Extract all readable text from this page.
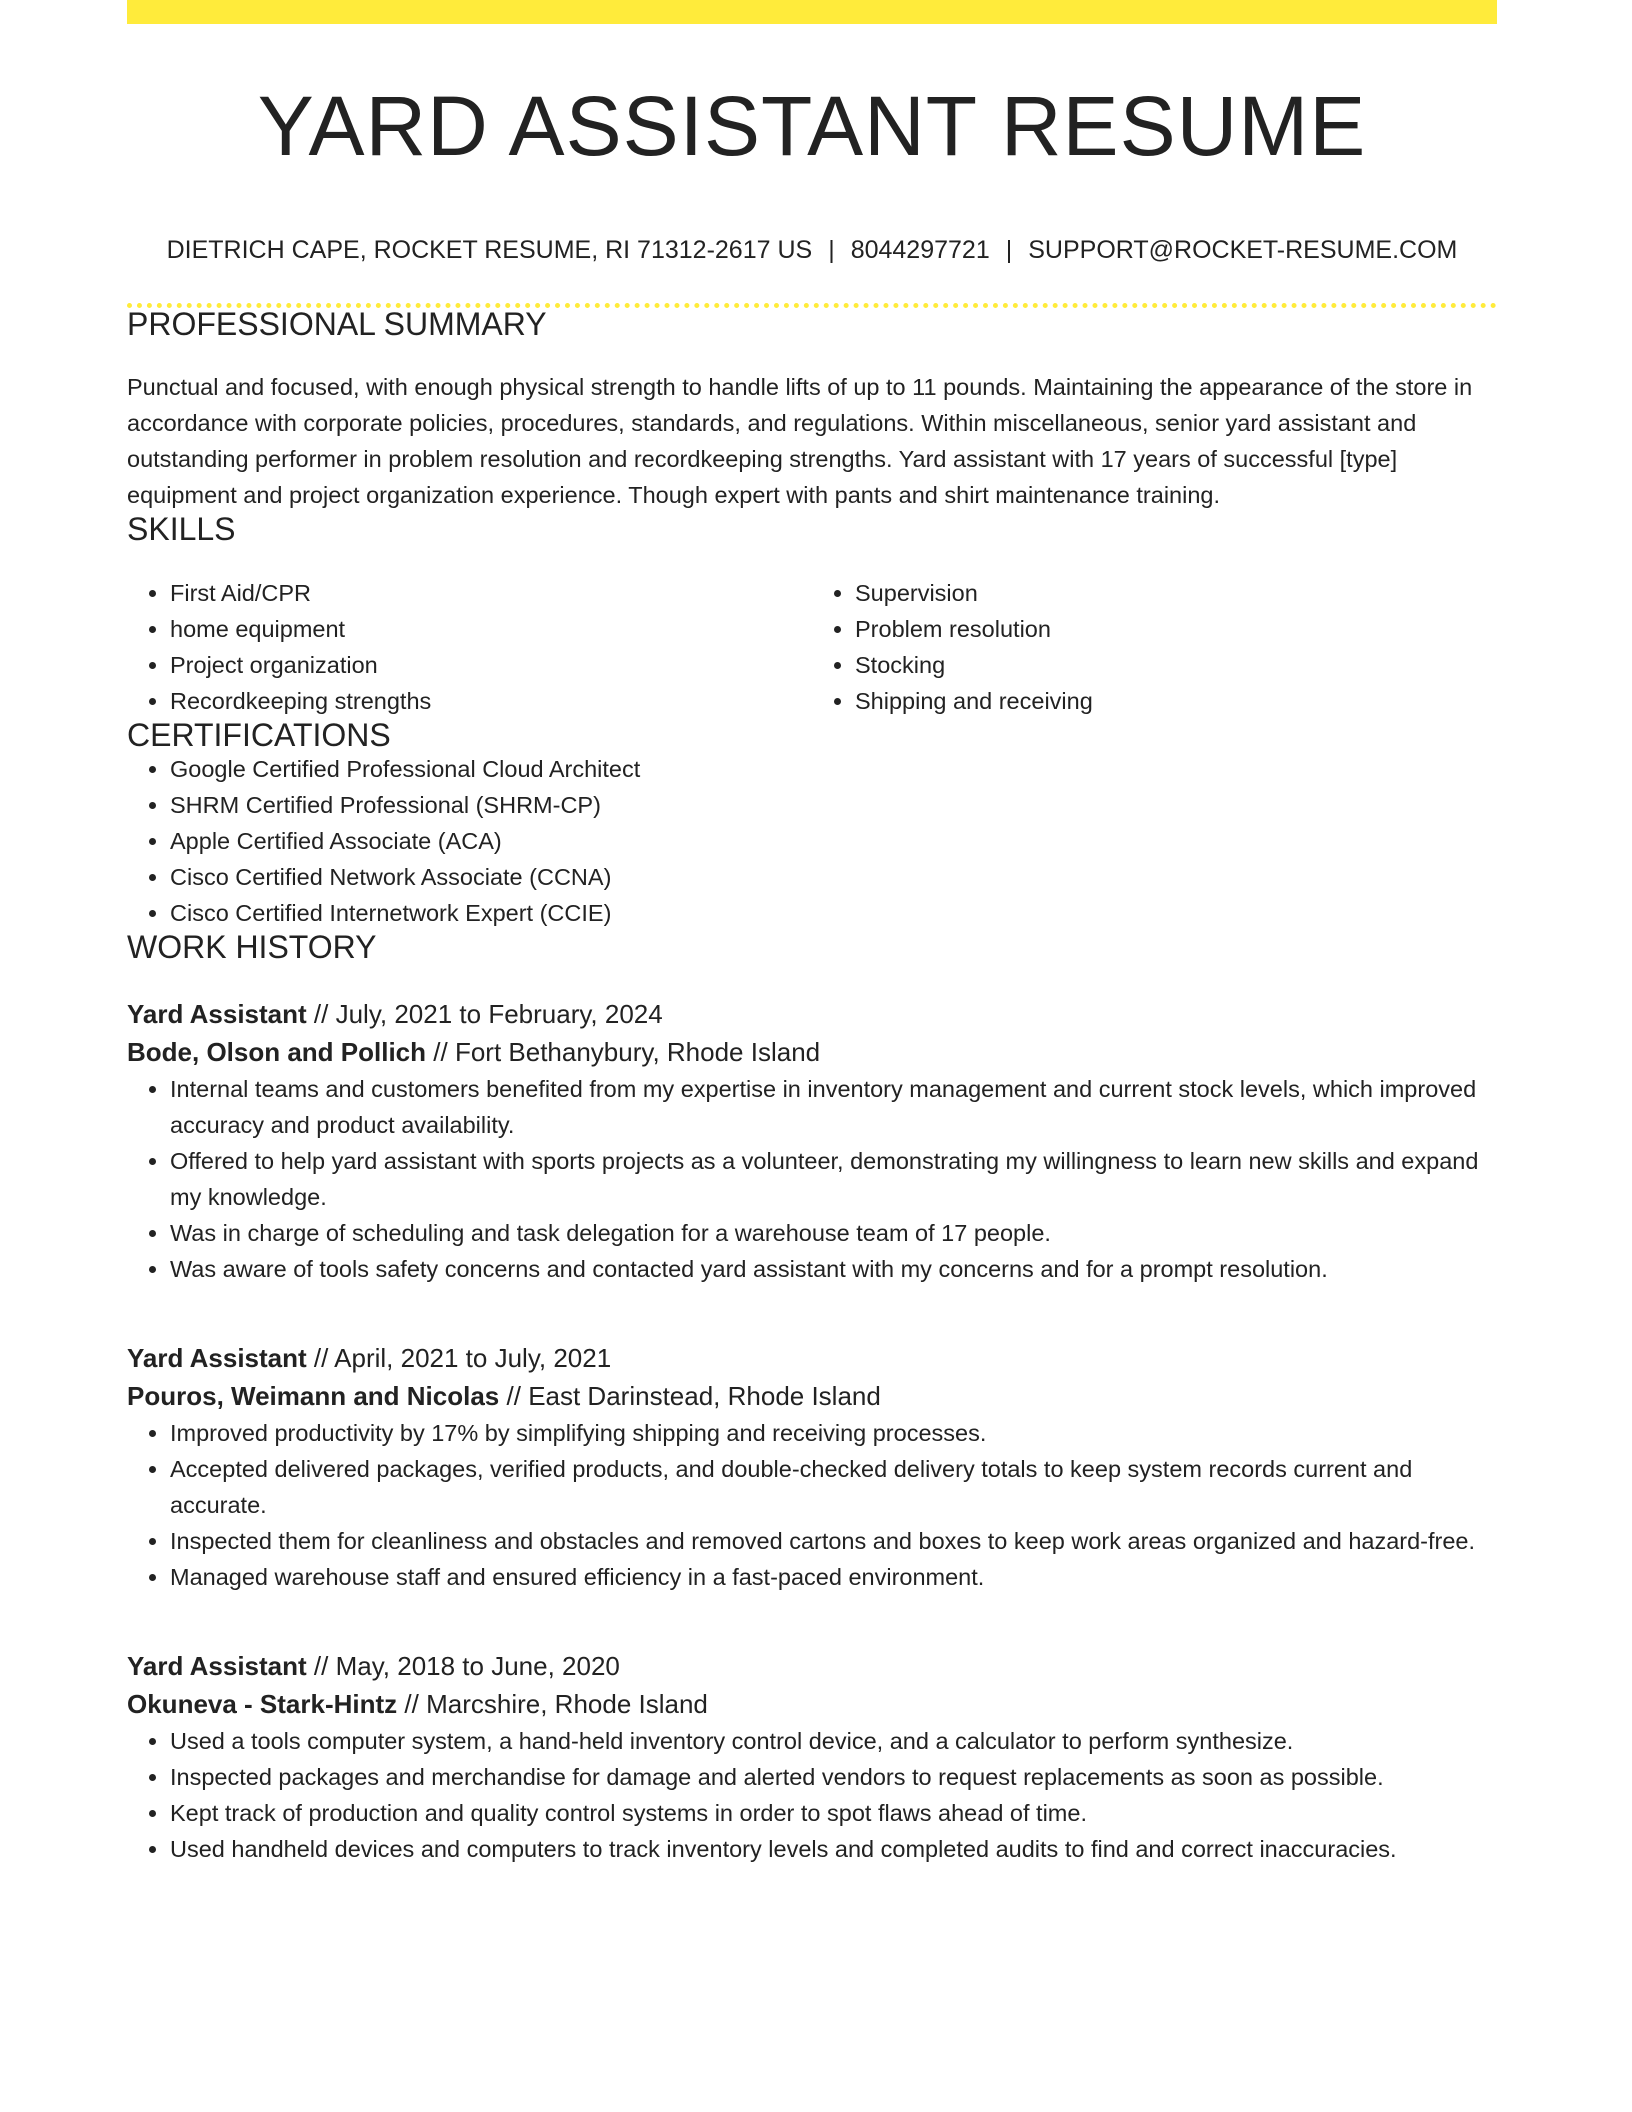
YARD ASSISTANT RESUME
DIETRICH CAPE, ROCKET RESUME, RI 71312-2617 US | 8044297721 | SUPPORT@ROCKET-RESUME.COM
PROFESSIONAL SUMMARY

Punctual and focused, with enough physical strength to handle lifts of up to 11 pounds. Maintaining the appearance of the store in accordance with corporate policies, procedures, standards, and regulations. Within miscellaneous, senior yard assistant and outstanding performer in problem resolution and recordkeeping strengths. Yard assistant with 17 years of successful [type] equipment and project organization experience. Though expert with pants and shirt maintenance training.

SKILLS
• First Aid/CPR
• home equipment
• Project organization
• Recordkeeping strengths
• Supervision
• Problem resolution
• Stocking
• Shipping and receiving
CERTIFICATIONS
• Google Certified Professional Cloud Architect
• SHRM Certified Professional (SHRM-CP)
• Apple Certified Associate (ACA)
• Cisco Certified Network Associate (CCNA)
• Cisco Certified Internetwork Expert (CCIE)
WORK HISTORY
Yard Assistant // July, 2021 to February, 2024
Bode, Olson and Pollich // Fort Bethanybury, Rhode Island
• Internal teams and customers benefited from my expertise in inventory management and current stock levels, which improved accuracy and product availability.
• Offered to help yard assistant with sports projects as a volunteer, demonstrating my willingness to learn new skills and expand my knowledge.
• Was in charge of scheduling and task delegation for a warehouse team of 17 people.
• Was aware of tools safety concerns and contacted yard assistant with my concerns and for a prompt resolution.
Yard Assistant // April, 2021 to July, 2021
Pouros, Weimann and Nicolas // East Darinstead, Rhode Island
• Improved productivity by 17% by simplifying shipping and receiving processes.
• Accepted delivered packages, verified products, and double-checked delivery totals to keep system records current and accurate.
• Inspected them for cleanliness and obstacles and removed cartons and boxes to keep work areas organized and hazard-free.
• Managed warehouse staff and ensured efficiency in a fast-paced environment.
Yard Assistant // May, 2018 to June, 2020
Okuneva - Stark-Hintz // Marcshire, Rhode Island
• Used a tools computer system, a hand-held inventory control device, and a calculator to perform synthesize.
• Inspected packages and merchandise for damage and alerted vendors to request replacements as soon as possible.
• Kept track of production and quality control systems in order to spot flaws ahead of time.
• Used handheld devices and computers to track inventory levels and completed audits to find and correct inaccuracies.
